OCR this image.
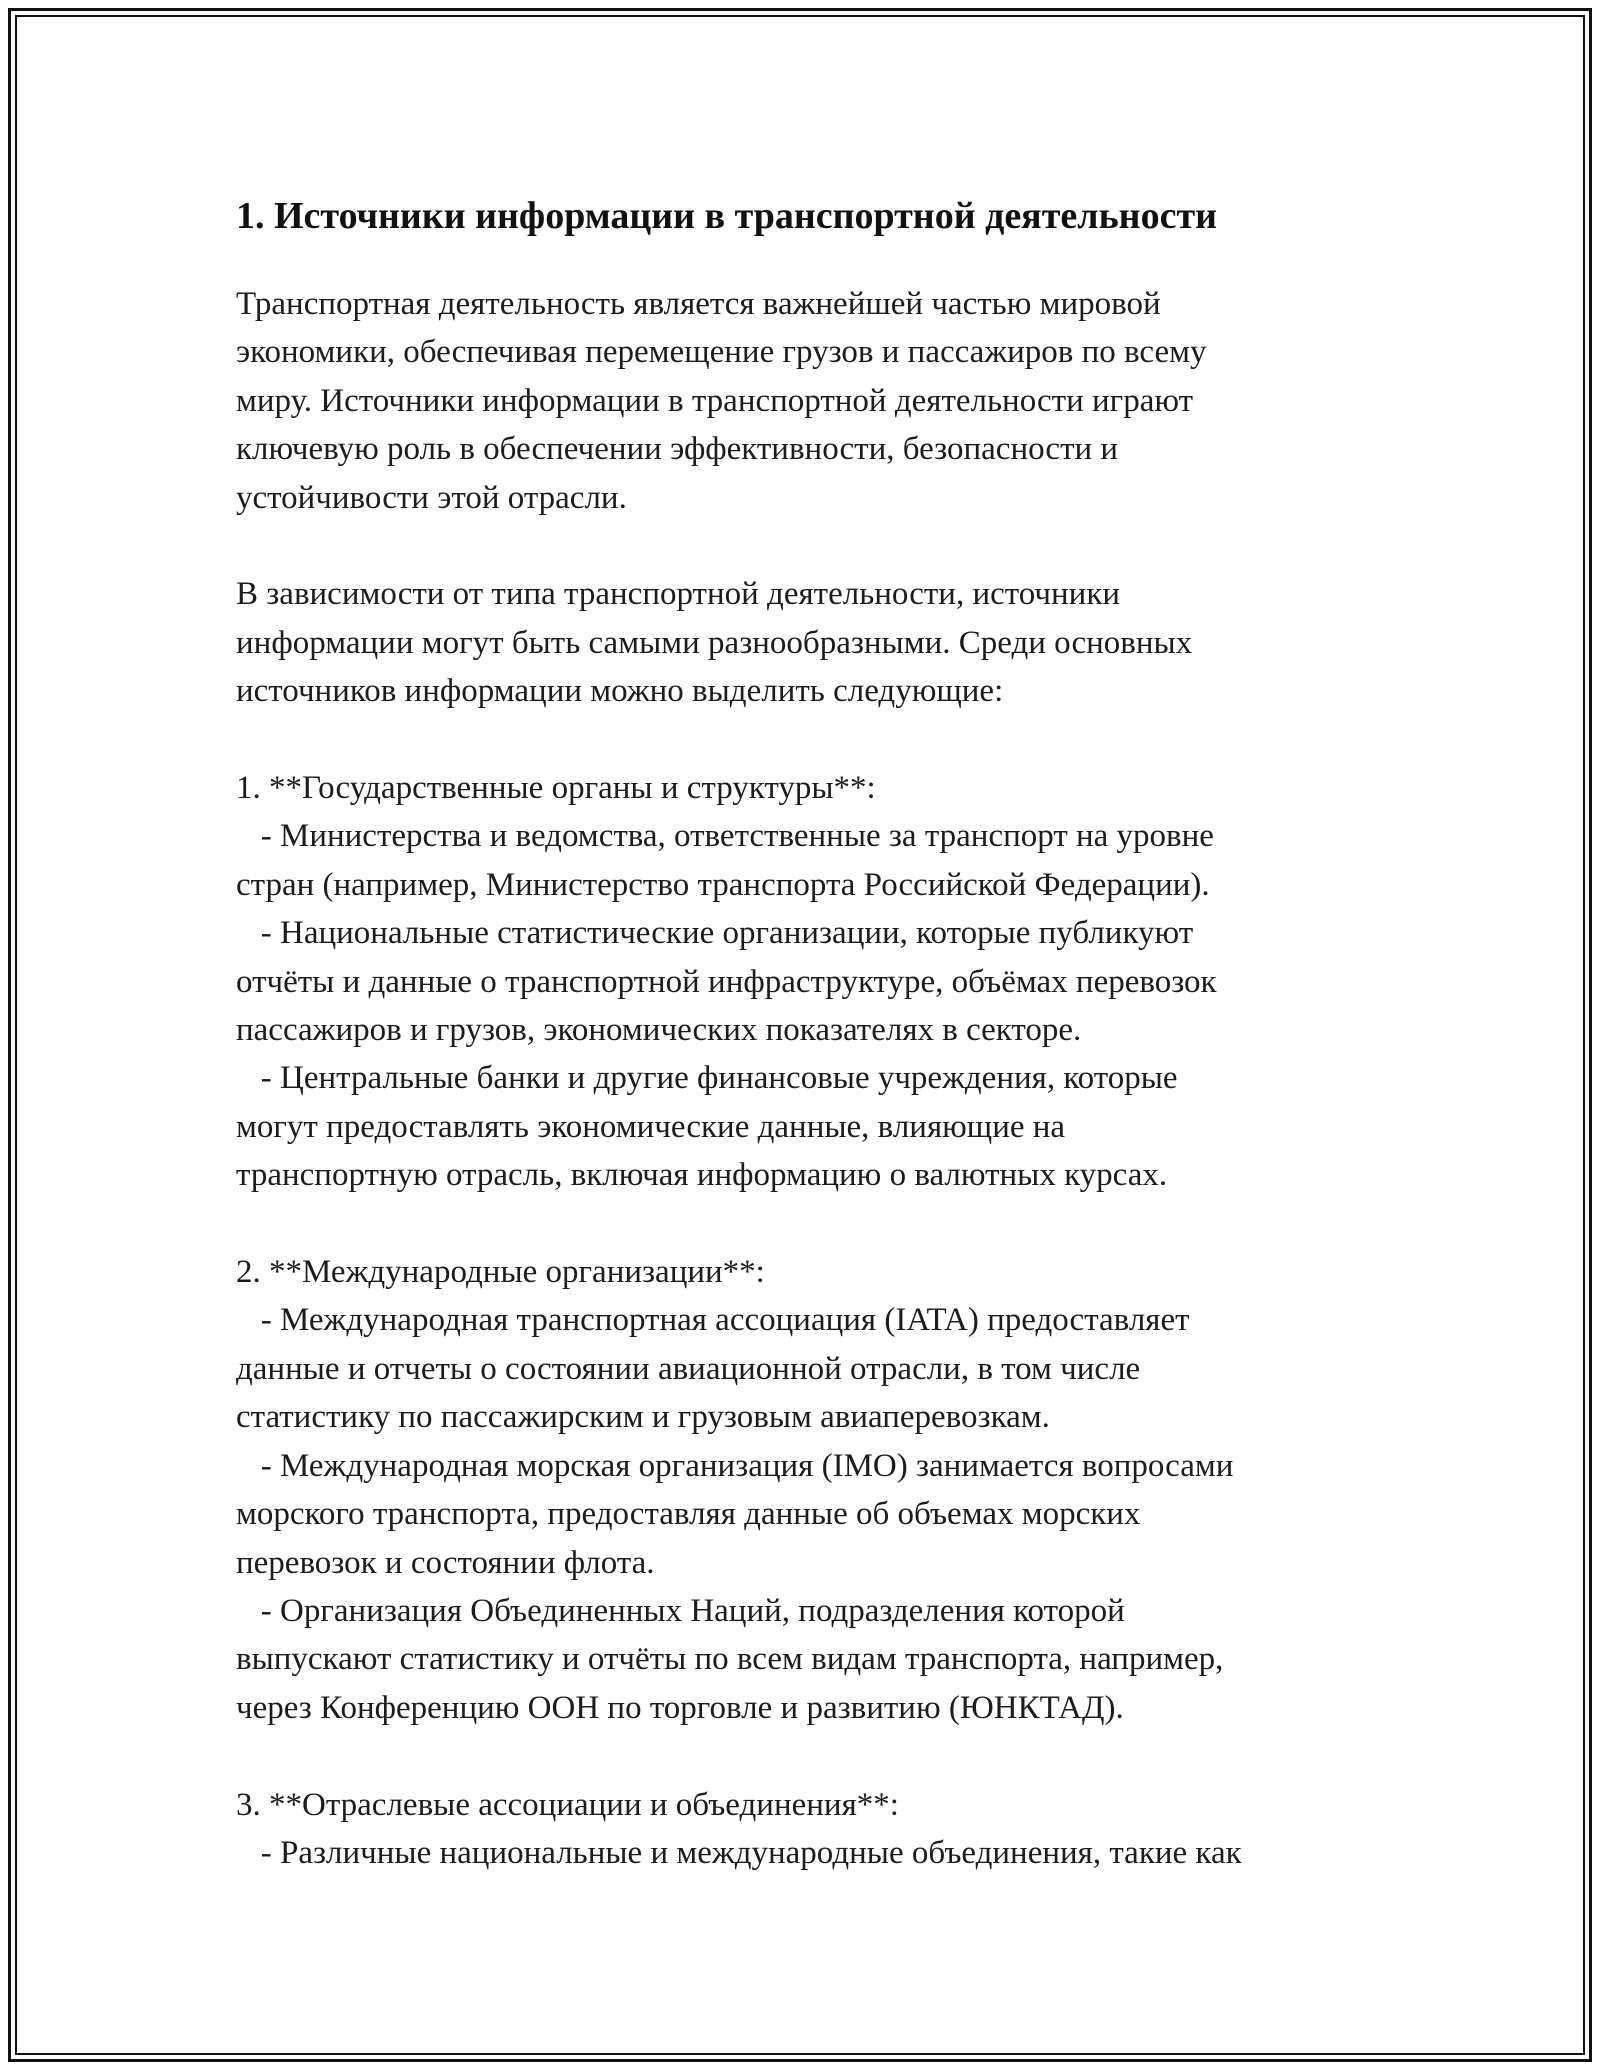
1. Источники информации в транспортной деятельности

Транспортная деятельность является важнейшей частью мировой
экономики, обеспечивая перемещение грузов и пассажиров по всему
миру. Источники информации в транспортной деятельности играют
ключевую роль в обеспечении эффективности, безопасности и
устойчивости этой отрасли.

В зависимости от типа транспортной деятельности, источники
информации могут быть самыми разнообразными. Среди основных
источников информации можно выделить следующие:

1. **Государственные органы и структуры**:

- Министерства и ведомства, ответственные за транспорт на уровне
стран (например, Министерство транспорта Российской Федерации).
- Национальные статистические организации, которые публикуют
отчёты и данные о транспортной инфраструктуре, объёмах перевозок
пассажиров и грузов, экономических показателях в секторе.
- Центральные банки и другие финансовые учреждения, которые
могут предоставлять экономические данные, влияющие на
транспортную отрасль, включая информацию о валютных курсах.

2. **Международные организации**:

- Международная транспортная ассоциация (IATA) предоставляет
данные и отчеты о состоянии авиационной отрасли, в том числе
статистику по пассажирским и грузовым авиаперевозкам.
- Международная морская организация (IMO) занимается вопросами
морского транспорта, предоставляя данные об объемах морских
перевозок и состоянии флота.
- Организация Объединенных Наций, подразделения которой
выпускают статистику и отчёты по всем видам транспорта, например,
через Конференцию ООН по торговле и развитию (ЮНКТАД).

3. **Отраслевые ассоциации и объединения**:

- Различные национальные и международные объединения, такие как
